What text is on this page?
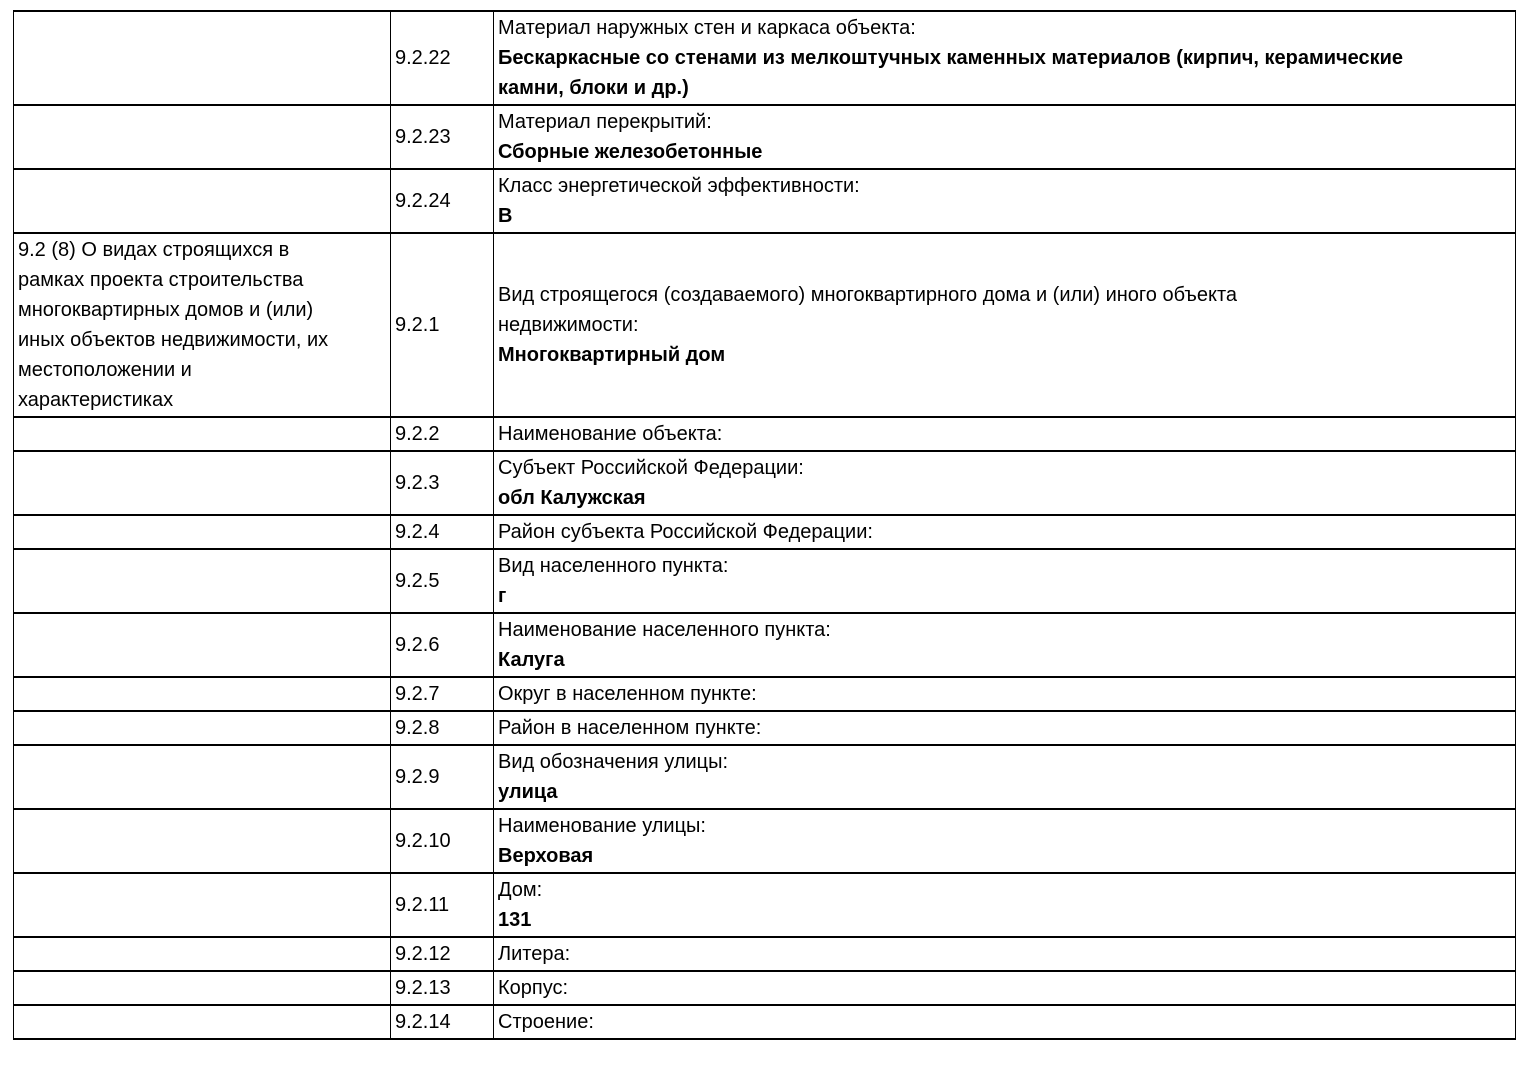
	9.2.22	Материал наружных стен и каркаса объекта:
Бескаркасные со стенами из мелкоштучных каменных материалов (кирпич, керамические камни, блоки и др.)

	9.2.23	Материал перекрытий:
Сборные железобетонные

	9.2.24	Класс энергетической эффективности:
В

9.2 (8) О видах строящихся в рамках проекта строительства многоквартирных домов и (или) иных объектов недвижимости, их местоположении и характеристиках	9.2.1	Вид строящегося (создаваемого) многоквартирного дома и (или) иного объекта недвижимости:
Многоквартирный дом

	9.2.2	Наименование объекта:

	9.2.3	Субъект Российской Федерации:
обл Калужская

	9.2.4	Район субъекта Российской Федерации:

	9.2.5	Вид населенного пункта:
г

	9.2.6	Наименование населенного пункта:
Калуга

	9.2.7	Округ в населенном пункте:

	9.2.8	Район в населенном пункте:

	9.2.9	Вид обозначения улицы:
улица

	9.2.10	Наименование улицы:
Верховая

	9.2.11	Дом:
131

	9.2.12	Литера:

	9.2.13	Корпус:

	9.2.14	Строение:
